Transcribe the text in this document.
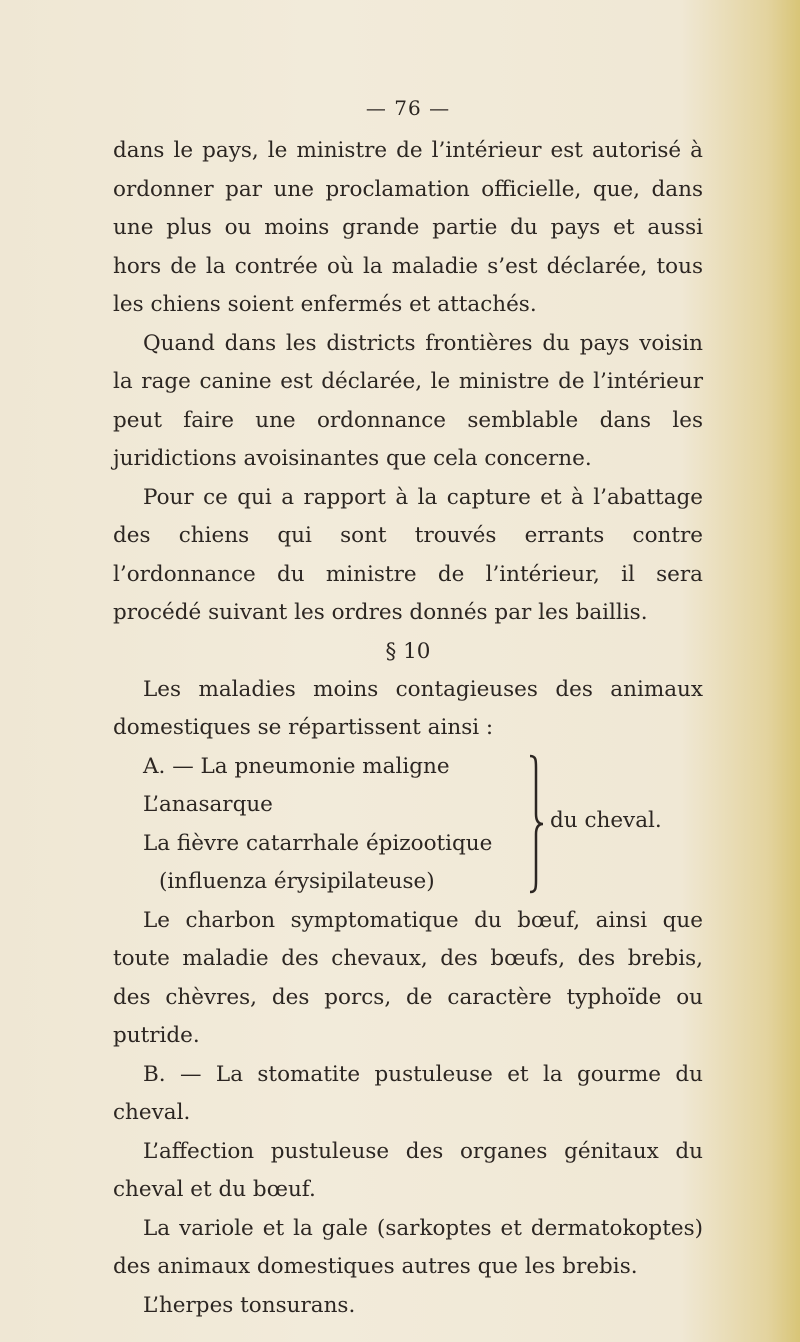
— 76 —

dans le pays, le ministre de l’intérieur est autorisé à ordonner par une proclamation officielle, que, dans une plus ou moins grande partie du pays et aussi hors de la contrée où la maladie s’est déclarée, tous les chiens soient enfermés et attachés.

Quand dans les districts frontières du pays voisin la rage canine est déclarée, le ministre de l’intérieur peut faire une ordonnance semblable dans les juridictions avoisinantes que cela concerne.

Pour ce qui a rapport à la capture et à l’abattage des chiens qui sont trouvés errants contre l’ordonnance du ministre de l’intérieur, il sera procédé suivant les ordres donnés par les baillis.

§ 10

Les maladies moins contagieuses des animaux domestiques se répartissent ainsi :

A. — La pneumonie maligne
L’anasarque
La fièvre catarrhale épizootique
(influenza érysipilateuse)
du cheval.

Le charbon symptomatique du bœuf, ainsi que toute maladie des chevaux, des bœufs, des brebis, des chèvres, des porcs, de caractère typhoïde ou putride.

B. — La stomatite pustuleuse et la gourme du cheval.

L’affection pustuleuse des organes génitaux du cheval et du bœuf.

La variole et la gale (sarkoptes et dermatokoptes) des animaux domestiques autres que les brebis.

L’herpes tonsurans.
